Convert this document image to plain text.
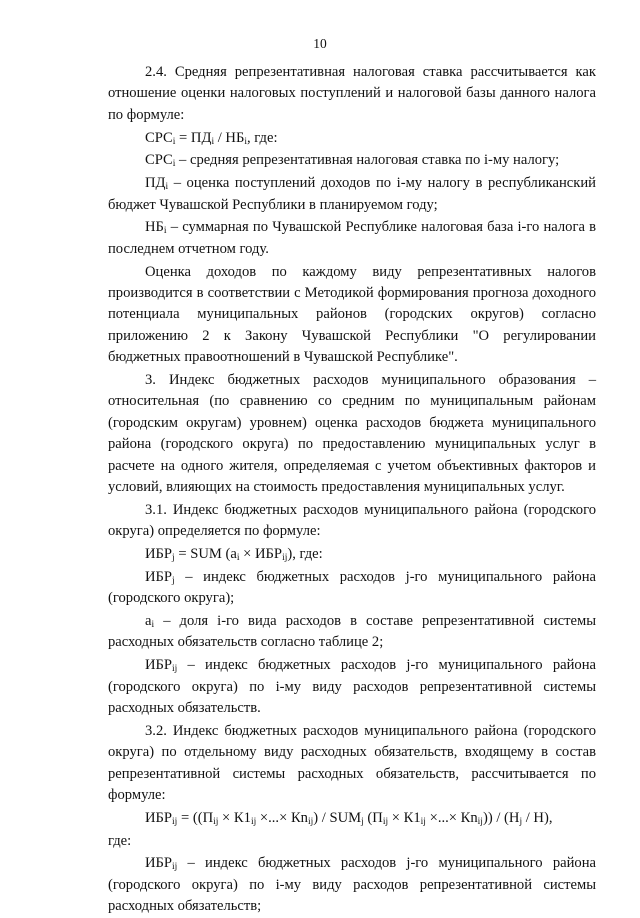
10

2.4. Средняя репрезентативная налоговая ставка рассчитывается как отношение оценки налоговых поступлений и налоговой базы данного налога по формуле:

$СРС_i = ПД_i / НБ_i$, где:

$СРС_i$ – средняя репрезентативная налоговая ставка по i-му налогу;

$ПД_i$ – оценка поступлений доходов по i-му налогу в республиканский бюджет Чувашской Республики в планируемом году;

$НБ_i$ – суммарная по Чувашской Республике налоговая база i-го налога в последнем отчетном году.

Оценка доходов по каждому виду репрезентативных налогов производится в соответствии с Методикой формирования прогноза доходного потенциала муниципальных районов (городских округов) согласно приложению 2 к Закону Чувашской Республики "О регулировании бюджетных правоотношений в Чувашской Республике".

3. Индекс бюджетных расходов муниципального образования – относительная (по сравнению со средним по муниципальным районам (городским округам) уровнем) оценка расходов бюджета муниципального района (городского округа) по предоставлению муниципальных услуг в расчете на одного жителя, определяемая с учетом объективных факторов и условий, влияющих на стоимость предоставления муниципальных услуг.

3.1. Индекс бюджетных расходов муниципального района (городского округа) определяется по формуле:

$ИБР_j$ = SUM $(a_i \times ИБР_{ij})$, где:

$ИБР_j$ – индекс бюджетных расходов j-го муниципального района (городского округа);

$a_i$ – доля i-го вида расходов в составе репрезентативной системы расходных обязательств согласно таблице 2;

$ИБР_{ij}$ – индекс бюджетных расходов j-го муниципального района (городского округа) по i-му виду расходов репрезентативной системы расходных обязательств.

3.2. Индекс бюджетных расходов муниципального района (городского округа) по отдельному виду расходных обязательств, входящему в состав репрезентативной системы расходных обязательств, рассчитывается по формуле:

$ИБР_{ij} = ((П_{ij} \times К1_{ij}$ ×...× $Кn_{ij}) / SUM_j$ ($П_{ij} \times К1_{ij}$ ×...× $Кn_{ij})) / (Н_j / Н)$,

где:

$ИБР_{ij}$ – индекс бюджетных расходов j-го муниципального района (городского округа) по i-му виду расходов репрезентативной системы расходных обязательств;
